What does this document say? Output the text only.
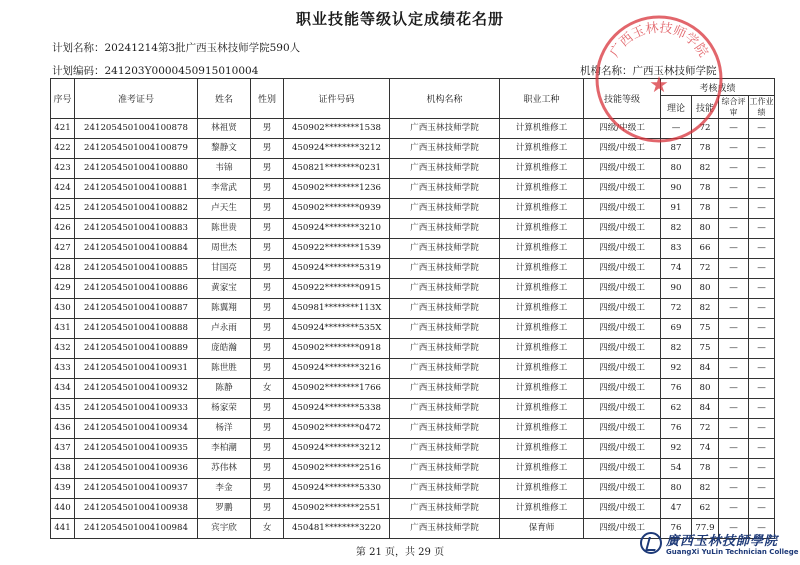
职业技能等级认定成绩花名册
计划名称：20241214第3批广西玉林技师学院590人
计划编码：241203Y0000450915010004	机构名称：广西玉林技师学院
序号	准考证号	姓名	性别	证件号码	机构名称	职业工种	技能等级	考核成绩			
								理论	技能	综合评审	工作业绩
421	2412054501004100878	林祖贤	男	450902********1538	广西玉林技师学院	计算机维修工	四级/中级工	—	72	—	—
422	2412054501004100879	黎静文	男	450924********3212	广西玉林技师学院	计算机维修工	四级/中级工	87	78	—	—
423	2412054501004100880	韦锦	男	450821********0231	广西玉林技师学院	计算机维修工	四级/中级工	80	82	—	—
424	2412054501004100881	李常武	男	450902********1236	广西玉林技师学院	计算机维修工	四级/中级工	90	78	—	—
425	2412054501004100882	卢天生	男	450902********0939	广西玉林技师学院	计算机维修工	四级/中级工	91	78	—	—
426	2412054501004100883	陈世贵	男	450924********3210	广西玉林技师学院	计算机维修工	四级/中级工	82	80	—	—
427	2412054501004100884	周世杰	男	450922********1539	广西玉林技师学院	计算机维修工	四级/中级工	83	66	—	—
428	2412054501004100885	甘国亮	男	450924********5319	广西玉林技师学院	计算机维修工	四级/中级工	74	72	—	—
429	2412054501004100886	黄家宝	男	450922********0915	广西玉林技师学院	计算机维修工	四级/中级工	90	80	—	—
430	2412054501004100887	陈翼翔	男	450981********113X	广西玉林技师学院	计算机维修工	四级/中级工	72	82	—	—
431	2412054501004100888	卢永雨	男	450924********535X	广西玉林技师学院	计算机维修工	四级/中级工	69	75	—	—
432	2412054501004100889	庞皓瀚	男	450902********0918	广西玉林技师学院	计算机维修工	四级/中级工	82	75	—	—
433	2412054501004100931	陈世胜	男	450924********3216	广西玉林技师学院	计算机维修工	四级/中级工	92	84	—	—
434	2412054501004100932	陈静	女	450902********1766	广西玉林技师学院	计算机维修工	四级/中级工	76	80	—	—
435	2412054501004100933	杨家荣	男	450924********5338	广西玉林技师学院	计算机维修工	四级/中级工	62	84	—	—
436	2412054501004100934	杨洋	男	450902********0472	广西玉林技师学院	计算机维修工	四级/中级工	76	72	—	—
437	2412054501004100935	李柏潮	男	450924********3212	广西玉林技师学院	计算机维修工	四级/中级工	92	74	—	—
438	2412054501004100936	苏伟林	男	450902********2516	广西玉林技师学院	计算机维修工	四级/中级工	54	78	—	—
439	2412054501004100937	李金	男	450924********5330	广西玉林技师学院	计算机维修工	四级/中级工	80	82	—	—
440	2412054501004100938	罗鹏	男	450902********2551	广西玉林技师学院	计算机维修工	四级/中级工	47	62	—	—
441	2412054501004100984	宾宇欣	女	450481********3220	广西玉林技师学院	保育师	四级/中级工	76	77.9	—	—
广西玉林技师学院
★
第 21 页，共 29 页
廣西玉林技師學院
GuangXi YuLin Technician College
